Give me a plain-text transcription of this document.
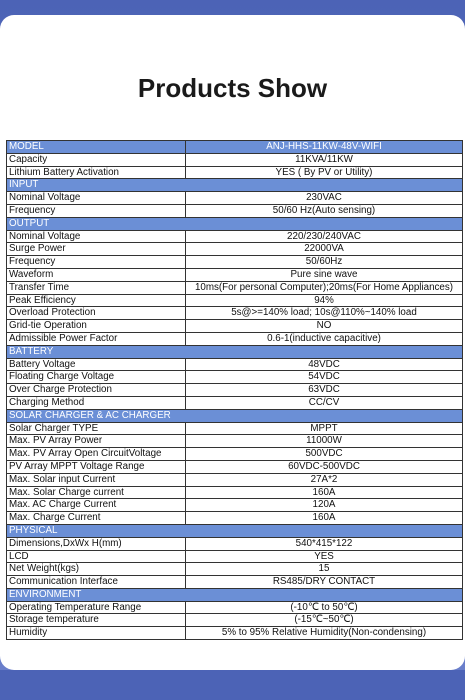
Products Show
MODEL	ANJ-HHS-11KW-48V-WIFI
Capacity	11KVA/11KW
Lithium Battery Activation	YES ( By PV or Utility)
INPUT	
Nominal Voltage	230VAC
Frequency	50/60 Hz(Auto sensing)
OUTPUT	
Nominal Voltage	220/230/240VAC
Surge Power	22000VA
Frequency	50/60Hz
Waveform	Pure sine wave
Transfer Time	10ms(For personal Computer);20ms(For Home Appliances)
Peak Efficiency	94%
Overload Protection	5s@>=140% load; 10s@110%~140% load
Grid-tie Operation	NO
Admissible Power Factor	0.6-1(inductive capacitive)
BATTERY	
Battery Voltage	48VDC
Floating Charge Voltage	54VDC
Over Charge Protection	63VDC
Charging Method	CC/CV
SOLAR CHARGER & AC CHARGER	
Solar Charger TYPE	MPPT
Max. PV Array Power	11000W
Max. PV Array Open CircuitVoltage	500VDC
PV Array MPPT Voltage Range	60VDC-500VDC
Max. Solar input Current	27A*2
Max. Solar Charge current	160A
Max. AC Charge Current	120A
Max. Charge Current	160A
PHYSICAL	
Dimensions,DxWx H(mm)	540*415*122
LCD	YES
Net Weight(kgs)	15
Communication Interface	RS485/DRY CONTACT
ENVIRONMENT	
Operating Temperature Range	(-10℃ to 50℃)
Storage temperature	(-15℃~50℃)
Humidity	5% to 95% Relative Humidity(Non-condensing)
